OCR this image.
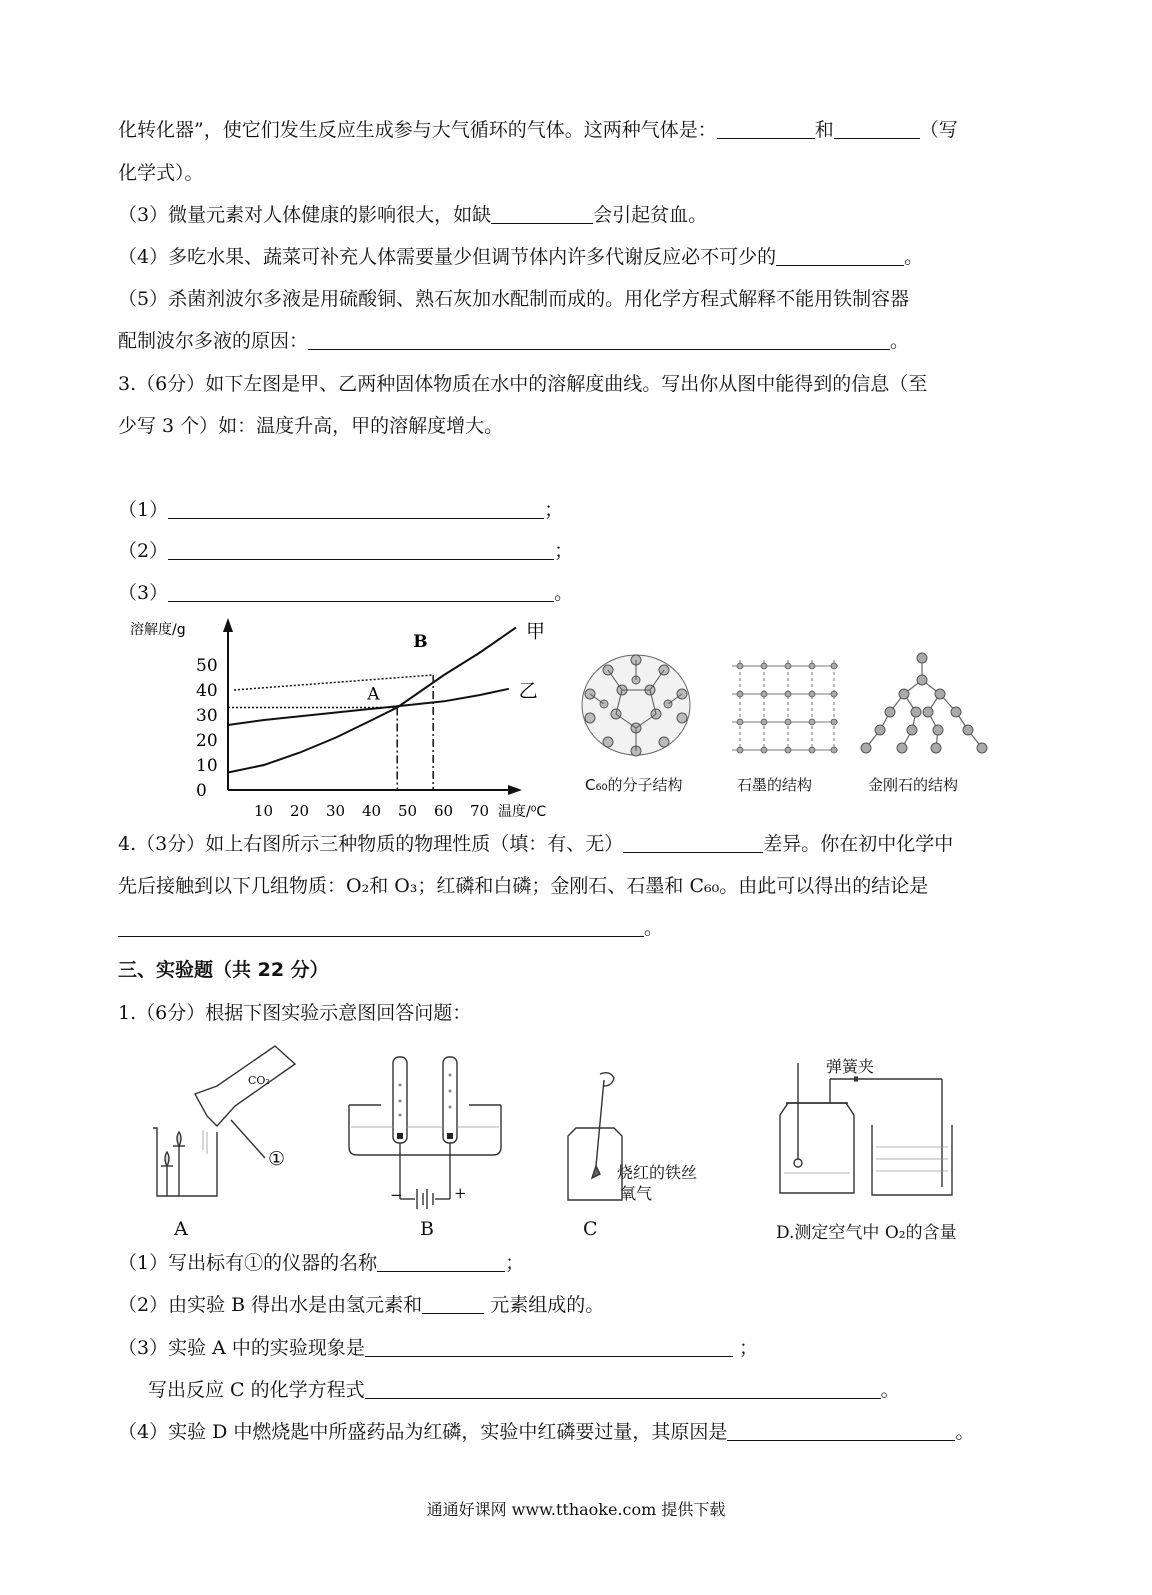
化转化器”，使它们发生反应生成参与大气循环的气体。这两种气体是：	和	（写
化学式）。
（3）微量元素对人体健康的影响很大，如缺	会引起贫血。
（4）多吃水果、蔬菜可补充人体需要量少但调节体内许多代谢反应必不可少的	。
（5）杀菌剂波尔多液是用硫酸铜、熟石灰加水配制而成的。用化学方程式解释不能用铁制容器
配制波尔多液的原因：	。
3.（6分）如下左图是甲、乙两种固体物质在水中的溶解度曲线。写出你从图中能得到的信息（至
少写 3 个）如：温度升高，甲的溶解度增大。
（1）	；
（2）	；
（3）	。
0
10
20
30
40
50
10 20 30 40 50 60 70
溶解度/g
温度/⁰C
甲
乙
A
B
C₆₀的分子结构	石墨的结构	金刚石的结构
4.（3分）如上右图所示三种物质的物理性质（填：有、无）	差异。你在初中化学中
先后接触到以下几组物质：O₂和 O₃；红磷和白磷；金刚石、石墨和 C₆₀。由此可以得出的结论是
。
三、实验题（共 22 分）
1.（6分）根据下图实验示意图回答问题：
CO₂
①
−	+
烧红的铁丝
氧气
弹簧夹
A	B	C	D.测定空气中 O₂的含量
（1）写出标有①的仪器的名称	；
（2）由实验 B 得出水是由氢元素和	元素组成的。
（3）实验 A 中的实验现象是	；
写出反应 C 的化学方程式	。
（4）实验 D 中燃烧匙中所盛药品为红磷，实验中红磷要过量，其原因是	。
通通好课网 www.tthaoke.com 提供下载
